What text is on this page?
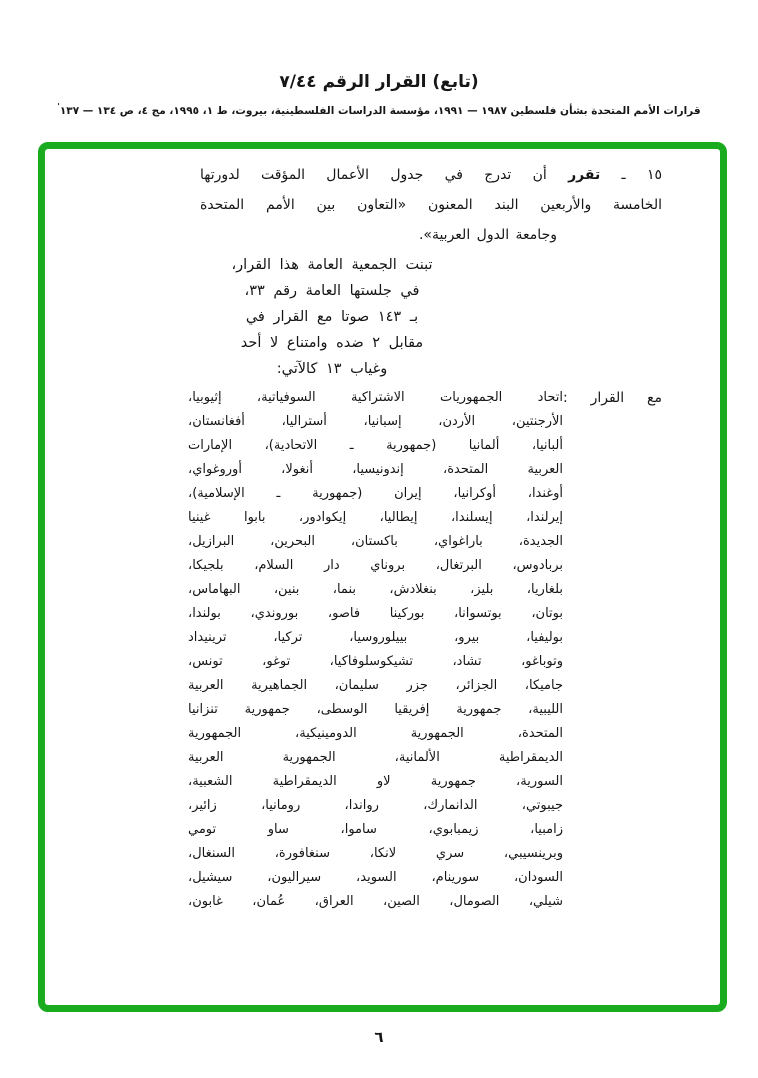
(تابع) القرار الرقم ٧/٤٤
قرارات الأمم المتحدة بشأن فلسطين ١٩٨٧ — ١٩٩١، مؤسسة الدراسات الفلسطينية، بيروت، ط ١، ١٩٩٥، مج ٤، ص ١٣٤ — ١٣٧'
١٥ ـ تقرر أن تدرج في جدول الأعمال المؤقت لدورتها
الخامسة والأربعين البند المعنون «التعاون بين الأمم المتحدة
وجامعة الدول العربية».
تبنت الجمعية العامة هذا القرار،
في جلستها العامة رقم ٣٣،
بـ ١٤٣ صوتا مع القرار في
مقابل ٢ ضده وامتناع لا أحد
وغياب ١٣ كالآتي:
مع القرار :
اتحاد الجمهوريات الاشتراكية السوفياتية، إثيوبيا،
الأرجنتين، الأردن، إسبانيا، أستراليا، أفغانستان،
ألبانيا، ألمانيا (جمهورية ـ الاتحادية)، الإمارات
العربية المتحدة، إندونيسيا، أنغولا، أوروغواي،
أوغندا، أوكرانيا، إيران (جمهورية ـ الإسلامية)،
إيرلندا، إيسلندا، إيطاليا، إيكوادور، بابوا غينيا
الجديدة، باراغواي، باكستان، البحرين، البرازيل،
بربادوس، البرتغال، بروناي دار السلام، بلجيكا،
بلغاريا، بليز، بنغلادش، بنما، بنين، البهاماس،
بوتان، بوتسوانا، بوركينا فاصو، بوروندي، بولندا،
بوليفيا، بيرو، بييلوروسيا، تركيا، ترينيداد
وتوباغو، تشاد، تشيكوسلوفاكيا، توغو، تونس،
جاميكا، الجزائر، جزر سليمان، الجماهيرية العربية
الليبية، جمهورية إفريقيا الوسطى، جمهورية تنزانيا
المتحدة، الجمهورية الدومينيكية، الجمهورية
الديمقراطية الألمانية، الجمهورية العربية
السورية، جمهورية لاو الديمقراطية الشعبية،
جيبوتي، الدانمارك، رواندا، رومانيا، زائير،
زامبيا، زيمبابوي، ساموا، ساو تومي
وبرينسيبي، سري لانكا، سنغافورة، السنغال،
السودان، سورينام، السويد، سيراليون، سيشيل،
شيلي، الصومال، الصين، العراق، عُمان، غابون،
٦
